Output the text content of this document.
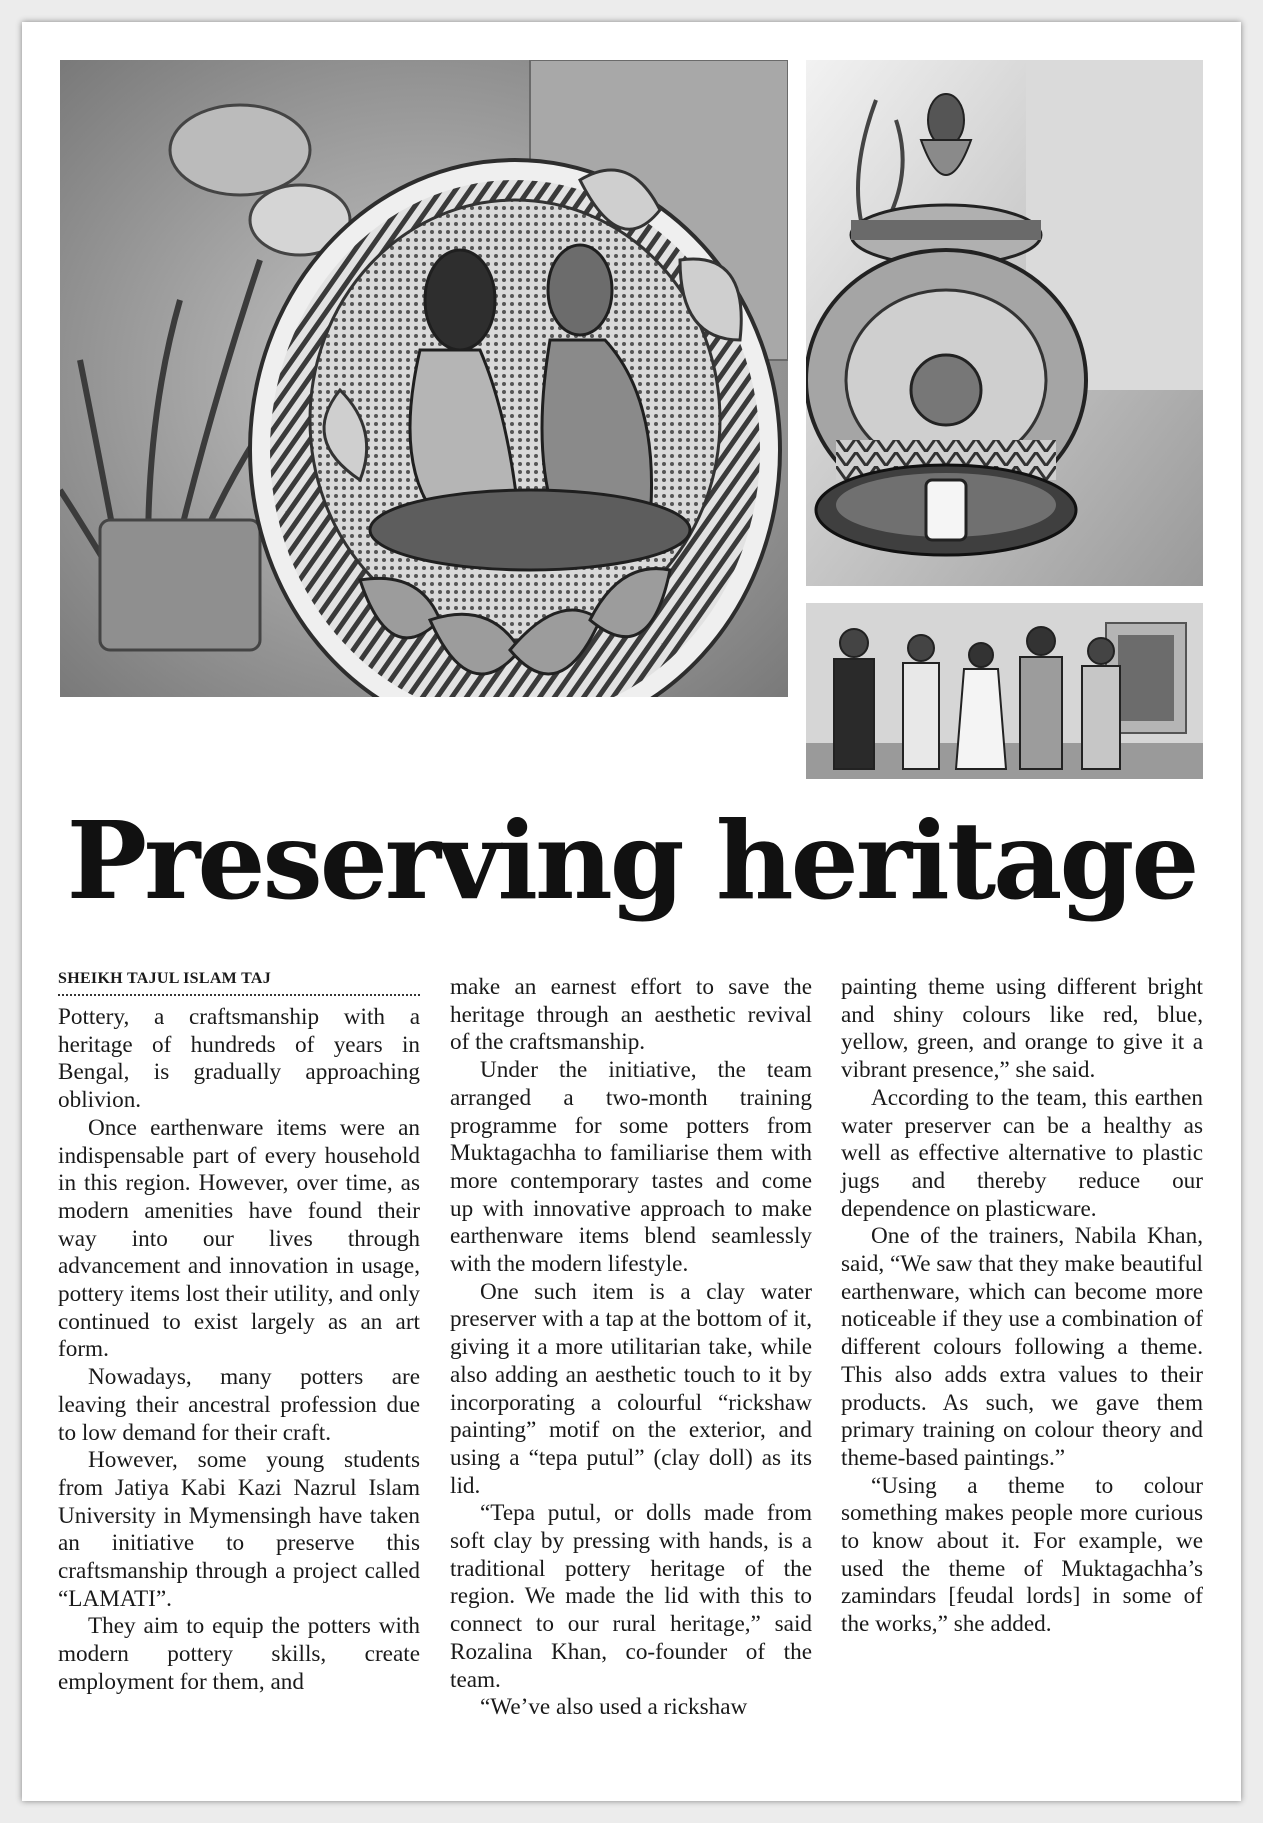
Preserving heritage
SHEIKH TAJUL ISLAM TAJ

Pottery, a craftsmanship with a heritage of hundreds of years in Bengal, is gradually approaching oblivion.

Once earthenware items were an indispensable part of every household in this region. However, over time, as modern amenities have found their way into our lives through advancement and innovation in usage, pottery items lost their utility, and only continued to exist largely as an art form.

Nowadays, many potters are leaving their ancestral profession due to low demand for their craft.

However, some young students from Jatiya Kabi Kazi Nazrul Islam University in Mymensingh have taken an initiative to preserve this craftsmanship through a project called “LAMATI”.

They aim to equip the potters with modern pottery skills, create employment for them, and

make an earnest effort to save the heritage through an aesthetic revival of the craftsmanship.

Under the initiative, the team arranged a two-month training programme for some potters from Muktagachha to familiarise them with more contemporary tastes and come up with innovative approach to make earthenware items blend seamlessly with the modern lifestyle.

One such item is a clay water preserver with a tap at the bottom of it, giving it a more utilitarian take, while also adding an aesthetic touch to it by incorporating a colourful “rickshaw painting” motif on the exterior, and using a “tepa putul” (clay doll) as its lid.

“Tepa putul, or dolls made from soft clay by pressing with hands, is a traditional pottery heritage of the region. We made the lid with this to connect to our rural heritage,” said Rozalina Khan, co-founder of the team.

“We’ve also used a rickshaw

painting theme using different bright and shiny colours like red, blue, yellow, green, and orange to give it a vibrant presence,” she said.

According to the team, this earthen water preserver can be a healthy as well as effective alternative to plastic jugs and thereby reduce our dependence on plasticware.

One of the trainers, Nabila Khan, said, “We saw that they make beautiful earthenware, which can become more noticeable if they use a combination of different colours following a theme. This also adds extra values to their products. As such, we gave them primary training on colour theory and theme-based paintings.”

“Using a theme to colour something makes people more curious to know about it. For example, we used the theme of Muktagachha’s zamindars [feudal lords] in some of the works,” she added.
